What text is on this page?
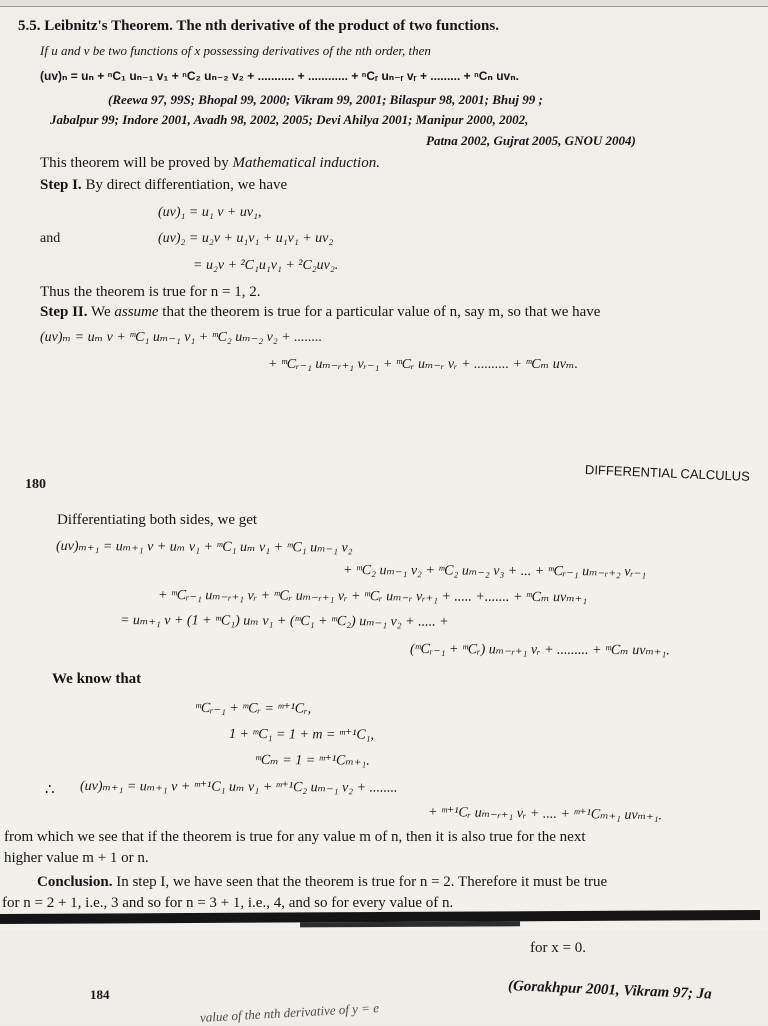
5.5. Leibnitz's Theorem. The nth derivative of the product of two functions.
If u and v be two functions of x possessing derivatives of the nth order, then
(uv)ₙ = uₙ + ⁿC₁ uₙ₋₁ v₁ + ⁿC₂ uₙ₋₂ v₂ + ........... + ............ + ⁿCᵣ uₙ₋ᵣ vᵣ + ......... + ⁿCₙ uvₙ.
(Reewa 97, 99S; Bhopal 99, 2000; Vikram 99, 2001; Bilaspur 98, 2001; Bhuj 99 ;
Jabalpur 99; Indore 2001, Avadh 98, 2002, 2005; Devi Ahilya 2001; Manipur 2000, 2002,
Patna 2002, Gujrat 2005, GNOU 2004)
This theorem will be proved by Mathematical induction.
Step I. By direct differentiation, we have
(uv)₁ = u₁ v + uv₁,
and	(uv)₂ = u₂v + u₁v₁ + u₁v₁ + uv₂
= u₂v + ²C₁u₁v₁ + ²C₂uv₂.
Thus the theorem is true for n = 1, 2.
Step II. We assume that the theorem is true for a particular value of n, say m, so that we have
(uv)ₘ = uₘ v + ᵐC₁ uₘ₋₁ v₁ + ᵐC₂ uₘ₋₂ v₂ + ........
+ ᵐCᵣ₋₁ uₘ₋ᵣ₊₁ vᵣ₋₁ + ᵐCᵣ uₘ₋ᵣ vᵣ + .......... + ᵐCₘ uvₘ.
180
DIFFERENTIAL CALCULUS
Differentiating both sides, we get
(uv)ₘ₊₁ = uₘ₊₁ v + uₘ v₁ + ᵐC₁ uₘ v₁ + ᵐC₁ uₘ₋₁ v₂
+ ᵐC₂ uₘ₋₁ v₂ + ᵐC₂ uₘ₋₂ v₃ + ... + ᵐCᵣ₋₁ uₘ₋ᵣ₊₂ vᵣ₋₁
+ ᵐCᵣ₋₁ uₘ₋ᵣ₊₁ vᵣ + ᵐCᵣ uₘ₋ᵣ₊₁ vᵣ + ᵐCᵣ uₘ₋ᵣ vᵣ₊₁ + ..... +....... + ᵐCₘ uvₘ₊₁
= uₘ₊₁ v + (1 + ᵐC₁) uₘ v₁ + (ᵐC₁ + ᵐC₂) uₘ₋₁ v₂ + ..... +
(ᵐCᵣ₋₁ + ᵐCᵣ) uₘ₋ᵣ₊₁ vᵣ + ......... + ᵐCₘ uvₘ₊₁.
We know that
ᵐCᵣ₋₁ + ᵐCᵣ = ᵐ⁺¹Cᵣ,
1 + ᵐC₁ = 1 + m = ᵐ⁺¹C₁,
ᵐCₘ = 1 = ᵐ⁺¹Cₘ₊₁.
∴ (uv)ₘ₊₁ = uₘ₊₁ v + ᵐ⁺¹C₁ uₘ v₁ + ᵐ⁺¹C₂ uₘ₋₁ v₂ + ........
+ ᵐ⁺¹Cᵣ uₘ₋ᵣ₊₁ vᵣ + .... + ᵐ⁺¹Cₘ₊₁ uvₘ₊₁.
from which we see that if the theorem is true for any value m of n, then it is also true for the next
higher value m + 1 or n.
Conclusion. In step I, we have seen that the theorem is true for n = 2. Therefore it must be true
for n = 2 + 1, i.e., 3 and so for n = 3 + 1, i.e., 4, and so for every value of n.
184
for x = 0.
(Gorakhpur 2001, Vikram 97; Ja
value of the nth derivative of y = e
